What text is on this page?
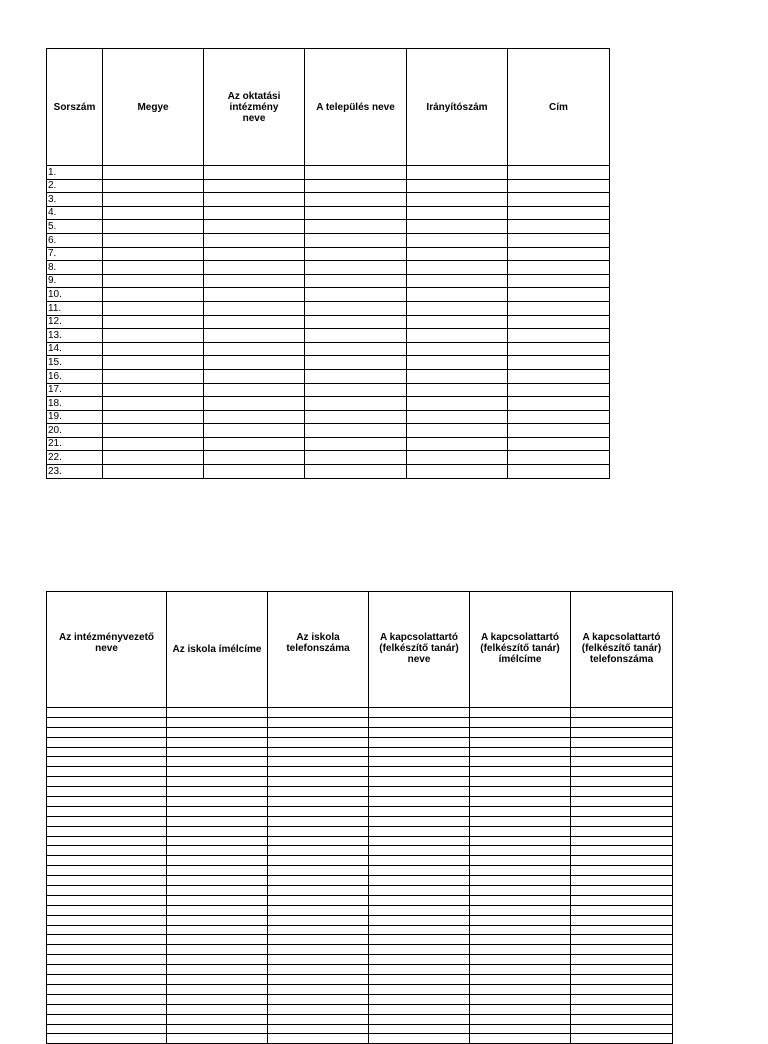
Sorszám	Megye	Az oktatási intézmény neve	A település neve	Irányítószám	Cím
1.					
2.					
3.					
4.					
5.					
6.					
7.					
8.					
9.					
10.					
11.					
12.					
13.					
14.					
15.					
16.					
17.					
18.					
19.					
20.					
21.					
22.					
23.					
Az intézményvezető neve	Az iskola ímélcíme	Az iskola telefonszáma	A kapcsolattartó (felkészítő tanár) neve	A kapcsolattartó (felkészítő tanár) ímélcíme	A kapcsolattartó (felkészítő tanár) telefonszáma
